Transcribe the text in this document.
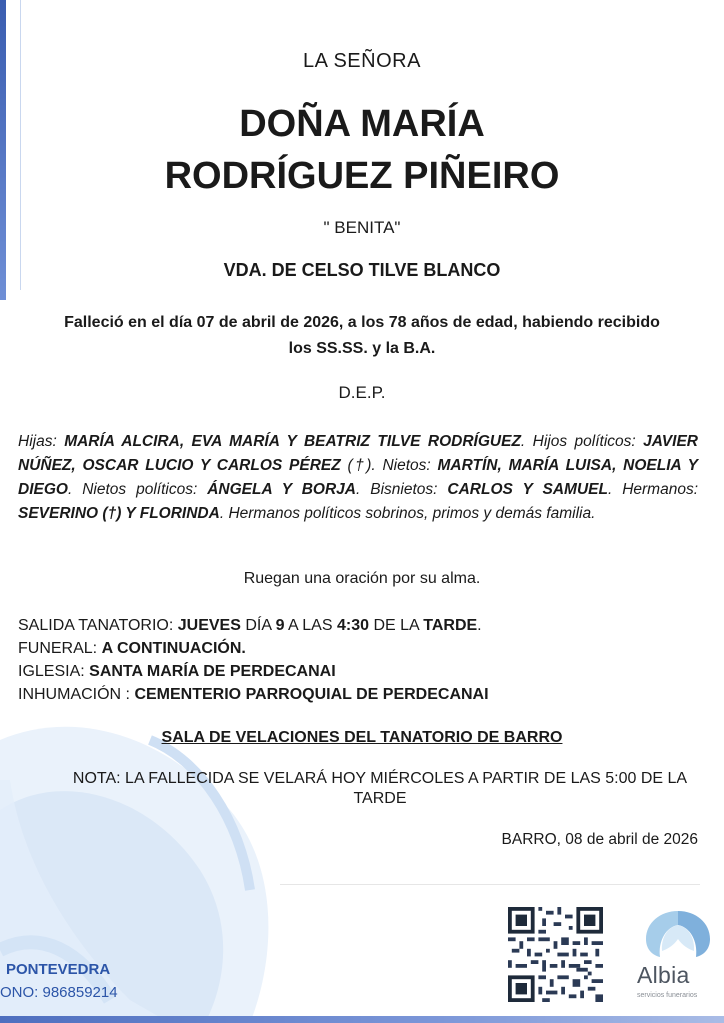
LA SEÑORA
DOÑA MARÍA
RODRÍGUEZ PIÑEIRO
" BENITA"
VDA. DE CELSO TILVE BLANCO
Falleció en el día 07 de abril de 2026, a los 78 años de edad, habiendo recibido
los SS.SS. y la B.A.
D.E.P.
Hijas: MARÍA ALCIRA, EVA MARÍA Y BEATRIZ TILVE RODRÍGUEZ. Hijos políticos: JAVIER NÚÑEZ, OSCAR LUCIO Y CARLOS PÉREZ (†). Nietos: MARTÍN, MARÍA LUISA, NOELIA Y DIEGO. Nietos políticos: ÁNGELA Y BORJA. Bisnietos: CARLOS Y SAMUEL. Hermanos: SEVERINO (†) Y FLORINDA. Hermanos políticos sobrinos, primos y demás familia.
Ruegan una oración por su alma.
SALIDA TANATORIO: JUEVES DÍA 9 A LAS 4:30 DE LA TARDE.
FUNERAL: A CONTINUACIÓN.
IGLESIA: SANTA MARÍA DE PERDECANAI
INHUMACIÓN : CEMENTERIO PARROQUIAL DE PERDECANAI
SALA DE VELACIONES DEL TANATORIO DE BARRO
NOTA: LA FALLECIDA SE VELARÁ HOY MIÉRCOLES A PARTIR DE LAS 5:00 DE LA
TARDE
BARRO, 08 de abril de 2026
Albia
servicios funerarios
PONTEVEDRA
ONO: 986859214
